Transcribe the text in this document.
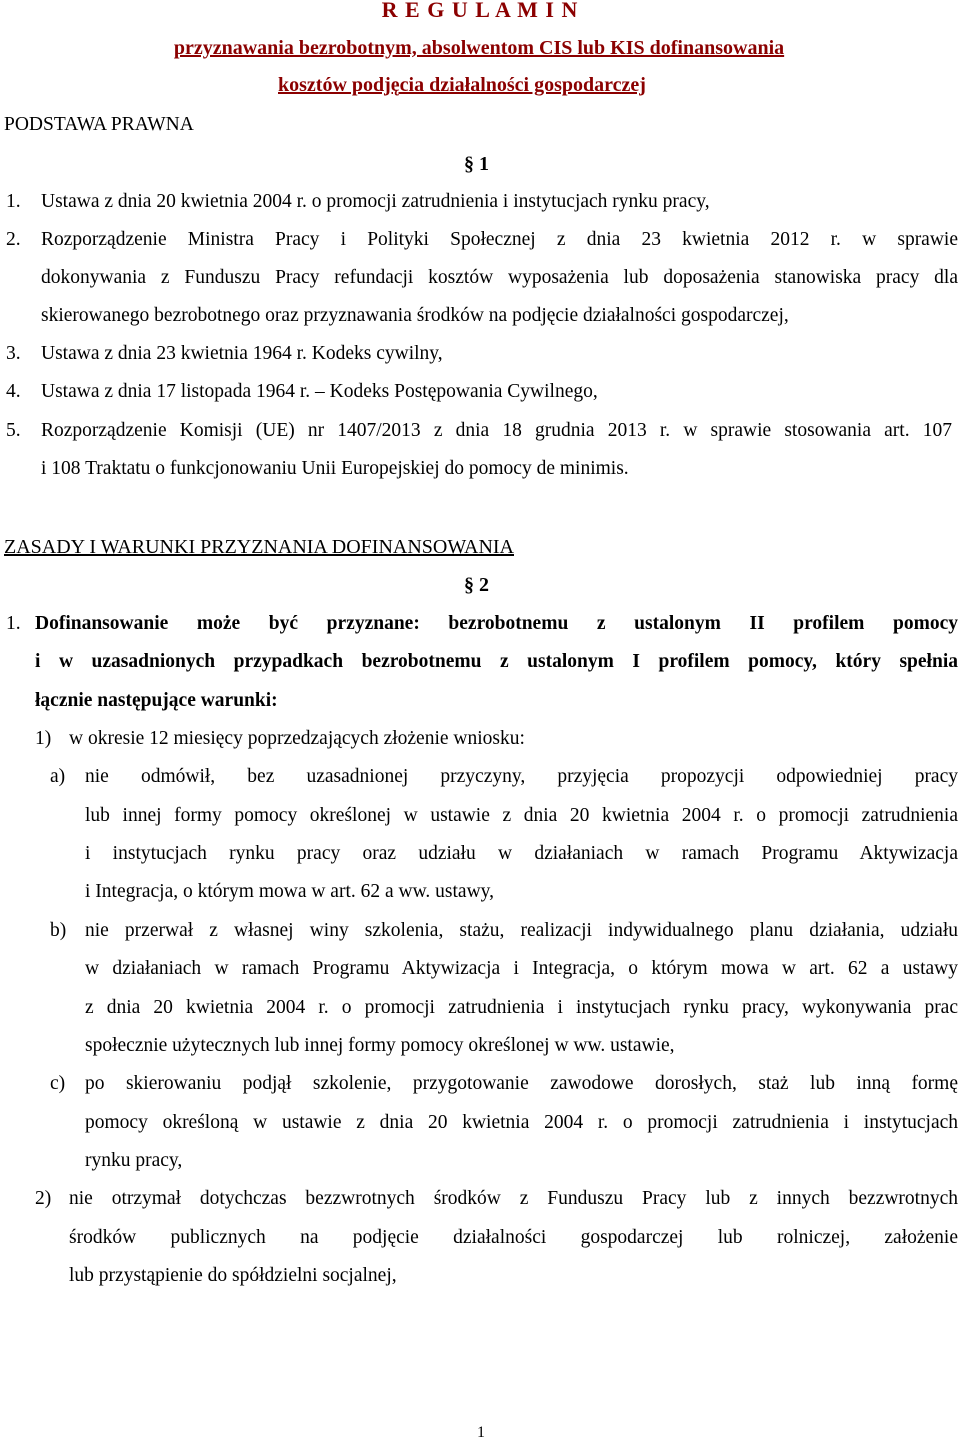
R E G U L A M I N
przyznawania bezrobotnym, absolwentom CIS lub KIS dofinansowania
kosztów podjęcia działalności gospodarczej
PODSTAWA PRAWNA
§ 1
1. Ustawa z dnia 20 kwietnia 2004 r. o promocji zatrudnienia i instytucjach rynku pracy,
2. Rozporządzenie Ministra Pracy i Polityki Społecznej z dnia 23 kwietnia 2012 r. w sprawie
dokonywania z Funduszu Pracy refundacji kosztów wyposażenia lub doposażenia stanowiska pracy dla
skierowanego bezrobotnego oraz przyznawania środków na podjęcie działalności gospodarczej,
3. Ustawa z dnia 23 kwietnia 1964 r. Kodeks cywilny,
4. Ustawa z dnia 17 listopada 1964 r. – Kodeks Postępowania Cywilnego,
5. Rozporządzenie Komisji (UE) nr 1407/2013 z dnia 18 grudnia 2013 r. w sprawie stosowania art. 107
i 108 Traktatu o funkcjonowaniu Unii Europejskiej do pomocy de minimis.
ZASADY I WARUNKI PRZYZNANIA DOFINANSOWANIA
§ 2
1. Dofinansowanie może być przyznane: bezrobotnemu z ustalonym II profilem pomocy
i w uzasadnionych przypadkach bezrobotnemu z ustalonym I profilem pomocy, który spełnia
łącznie następujące warunki:
1) w okresie 12 miesięcy poprzedzających złożenie wniosku:
a) nie odmówił, bez uzasadnionej przyczyny, przyjęcia propozycji odpowiedniej pracy
lub innej formy pomocy określonej w ustawie z dnia 20 kwietnia 2004 r. o promocji zatrudnienia
i instytucjach rynku pracy oraz udziału w działaniach w ramach Programu Aktywizacja
i Integracja, o którym mowa w art. 62 a ww. ustawy,
b) nie przerwał z własnej winy szkolenia, stażu, realizacji indywidualnego planu działania, udziału
w działaniach w ramach Programu Aktywizacja i Integracja, o którym mowa w art. 62 a ustawy
z dnia 20 kwietnia 2004 r. o promocji zatrudnienia i instytucjach rynku pracy, wykonywania prac
społecznie użytecznych lub innej formy pomocy określonej w ww. ustawie,
c) po skierowaniu podjął szkolenie, przygotowanie zawodowe dorosłych, staż lub inną formę
pomocy określoną w ustawie z dnia 20 kwietnia 2004 r. o promocji zatrudnienia i instytucjach
rynku pracy,
2) nie otrzymał dotychczas bezzwrotnych środków z Funduszu Pracy lub z innych bezzwrotnych
środków publicznych na podjęcie działalności gospodarczej lub rolniczej, założenie
lub przystąpienie do spółdzielni socjalnej,
1
